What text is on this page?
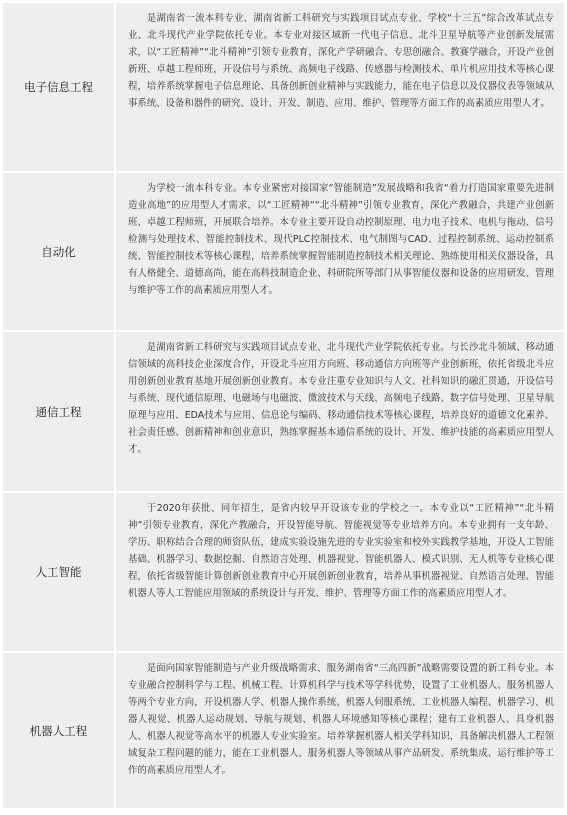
电子信息工程
是湖南省一流本科专业、湖南省新工科研究与实践项目试点专业、学校“十三五”综合改革试点专业、北斗现代产业学院依托专业。本专业对接区域新一代电子信息、北斗卫星导航等产业创新发展需求，以“工匠精神”“北斗精神”引领专业教育，深化产学研融合、专思创融合、教赛学融合，开设产业创新班、卓越工程师班，开设信号与系统、高频电子线路、传感器与检测技术、单片机应用技术等核心课程，培养系统掌握电子信息理论、具备创新创业精神与实践能力，能在电子信息以及仪器仪表等领域从事系统、设备和器件的研究、设计、开发、制造、应用、维护、管理等方面工作的高素质应用型人才。
自动化
为学校一流本科专业。本专业紧密对接国家“智能制造”发展战略和我省“着力打造国家重要先进制造业高地”的应用型人才需求，以“工匠精神”“北斗精神”引领专业教育，深化产教融合，共建产业创新班、卓越工程师班，开展联合培养。本专业主要开设自动控制原理、电力电子技术、电机与拖动、信号检测与处理技术、智能控制技术、现代PLC控制技术、电气制图与CAD、过程控制系统、运动控制系统、智能控制技术等核心课程，培养系统掌握智能制造控制技术相关理论、熟练使用相关仪器设备，具有人格健全、道德高尚，能在高科技制造企业、科研院所等部门从事智能仪器和设备的应用研发、管理与维护等工作的高素质应用型人才。
通信工程
是湖南省新工科研究与实践项目试点专业、北斗现代产业学院依托专业。与长沙北斗领域、移动通信领域的高科技企业深度合作，开设北斗应用方向班、移动通信方向班等产业创新班，依托省级北斗应用创新创业教育基地开展创新创业教育。本专业注重专业知识与人文、社科知识的融汇贯通，开设信号与系统、现代通信原理、电磁场与电磁波、微波技术与天线、高频电子线路、数字信号处理、卫星导航原理与应用、EDA技术与应用、信息论与编码、移动通信技术等核心课程，培养良好的道德文化素养、社会责任感、创新精神和创业意识，熟练掌握基本通信系统的设计、开发、维护技能的高素质应用型人才。
人工智能
于2020年获批、同年招生，是省内较早开设该专业的学校之一。本专业以“工匠精神”“北斗精神”引领专业教育，深化产教融合，开设智能导航、智能视觉等专业培养方向。本专业拥有一支年龄、学历、职称结合合理的师资队伍，建成实验设施先进的专业实验室和校外实践教学基地，开设人工智能基础、机器学习、数据挖掘、自然语言处理、机器视觉、智能机器人、模式识别、无人机等专业核心课程，依托省级智能计算创新创业教育中心开展创新创业教育，培养从事机器视觉、自然语言处理、智能机器人等人工智能应用领域的系统设计与开发、维护、管理等方面工作的高素质应用型人才。
机器人工程
是面向国家智能制造与产业升级战略需求、服务湖南省“三高四新”战略需要设置的新工科专业。本专业融合控制科学与工程、机械工程、计算机科学与技术等学科优势，设置了工业机器人、服务机器人等两个专业方向，开设机器人学、机器人操作系统、机器人伺服系统、工业机器人编程、机器学习、机器人视觉、机器人运动规划、导航与规划、机器人环境感知等核心课程；建有工业机器人、具身机器人、机器人视觉等高水平的机器人专业实验室。培养掌握机器人相关学科知识，具备解决机器人工程领域复杂工程问题的能力，能在工业机器人、服务机器人等领域从事产品研发、系统集成、运行维护等工作的高素质应用型人才。
